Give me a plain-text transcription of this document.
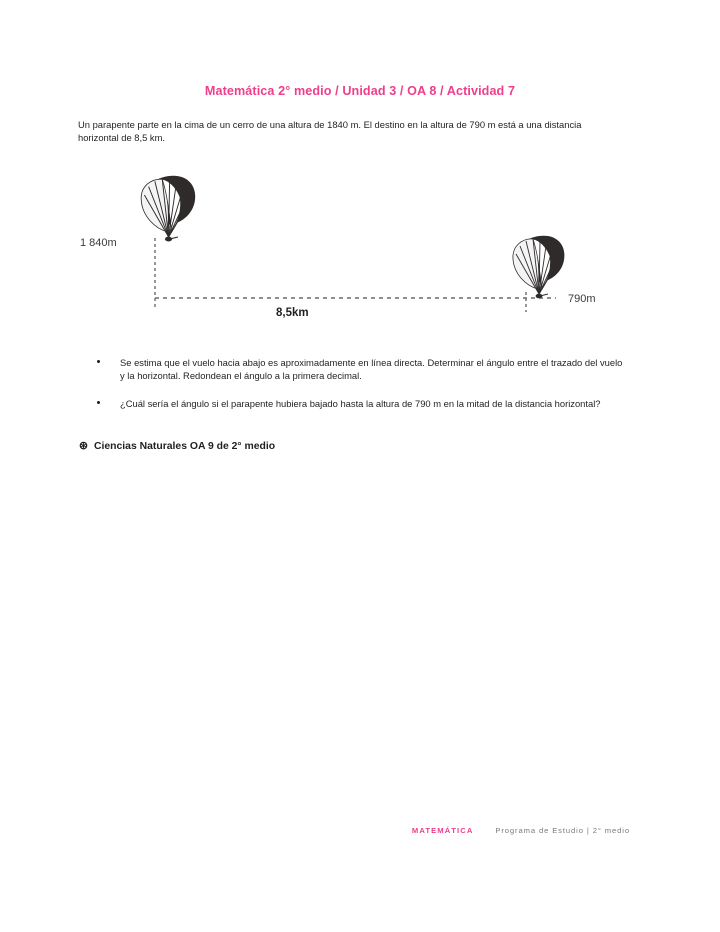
Matemática 2° medio / Unidad 3 / OA 8 / Actividad 7
Un parapente parte en la cima de un cerro de una altura de 1840 m. El destino en la altura de 790 m está a una distancia horizontal de 8,5 km.
1 840m
8,5km
790m
Se estima que el vuelo hacia abajo es aproximadamente en línea directa. Determinar el ángulo entre el trazado del vuelo y la horizontal. Redondean el ángulo a la primera decimal.
¿Cuál sería el ángulo si el parapente hubiera bajado hasta la altura de 790 m en la mitad de la distancia horizontal?
⊛ Ciencias Naturales OA 9 de 2° medio
MATEMÁTICA	Programa de Estudio | 2° medio
